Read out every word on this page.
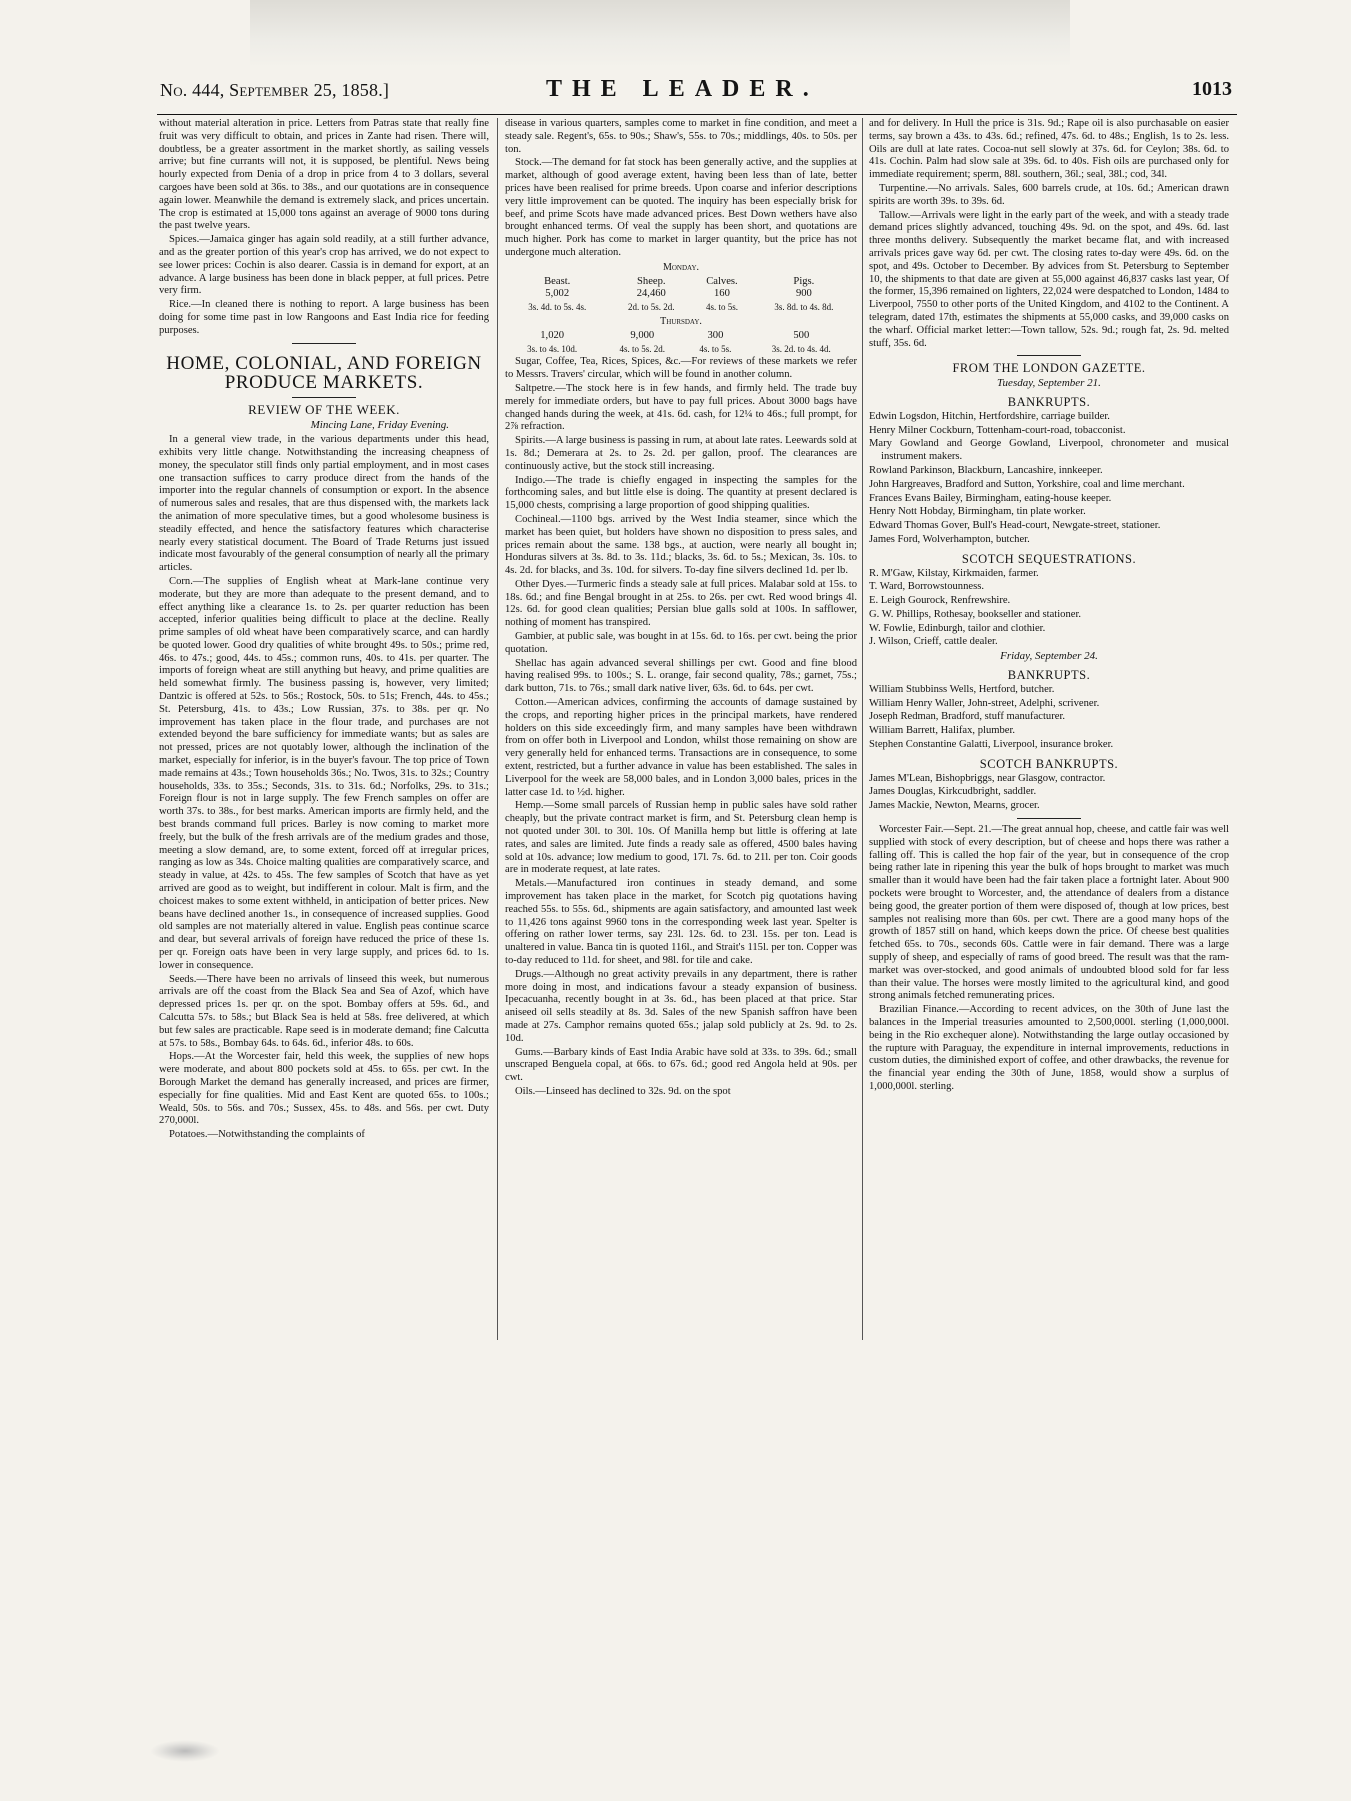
No. 444, September 25, 1858.]	THE LEADER.	1013

without material alteration in price. Letters from Patras state that really fine fruit was very difficult to obtain, and prices in Zante had risen. There will, doubtless, be a greater assortment in the market shortly, as sailing vessels arrive; but fine currants will not, it is supposed, be plentiful. News being hourly expected from Denia of a drop in price from 4 to 3 dollars, several cargoes have been sold at 36s. to 38s., and our quotations are in consequence again lower. Meanwhile the demand is extremely slack, and prices uncertain. The crop is estimated at 15,000 tons against an average of 9000 tons during the past twelve years.

Spices.—Jamaica ginger has again sold readily, at a still further advance, and as the greater portion of this year's crop has arrived, we do not expect to see lower prices: Cochin is also dearer. Cassia is in demand for export, at an advance. A large business has been done in black pepper, at full prices. Petre very firm.

Rice.—In cleaned there is nothing to report. A large business has been doing for some time past in low Rangoons and East India rice for feeding purposes.

HOME, COLONIAL, AND FOREIGN PRODUCE MARKETS.
REVIEW OF THE WEEK.
Mincing Lane, Friday Evening.

In a general view trade, in the various departments under this head, exhibits very little change. Notwithstanding the increasing cheapness of money, the speculator still finds only partial employment, and in most cases one transaction suffices to carry produce direct from the hands of the importer into the regular channels of consumption or export. In the absence of numerous sales and resales, that are thus dispensed with, the markets lack the animation of more speculative times, but a good wholesome business is steadily effected, and hence the satisfactory features which characterise nearly every statistical document. The Board of Trade Returns just issued indicate most favourably of the general consumption of nearly all the primary articles.

Corn.—The supplies of English wheat at Mark-lane continue very moderate, but they are more than adequate to the present demand, and to effect anything like a clearance 1s. to 2s. per quarter reduction has been accepted, inferior qualities being difficult to place at the decline. Really prime samples of old wheat have been comparatively scarce, and can hardly be quoted lower. Good dry qualities of white brought 49s. to 50s.; prime red, 46s. to 47s.; good, 44s. to 45s.; common runs, 40s. to 41s. per quarter. The imports of foreign wheat are still anything but heavy, and prime qualities are held somewhat firmly. The business passing is, however, very limited; Dantzic is offered at 52s. to 56s.; Rostock, 50s. to 51s; French, 44s. to 45s.; St. Petersburg, 41s. to 43s.; Low Russian, 37s. to 38s. per qr. No improvement has taken place in the flour trade, and purchases are not extended beyond the bare sufficiency for immediate wants; but as sales are not pressed, prices are not quotably lower, although the inclination of the market, especially for inferior, is in the buyer's favour. The top price of Town made remains at 43s.; Town households 36s.; No. Twos, 31s. to 32s.; Country households, 33s. to 35s.; Seconds, 31s. to 31s. 6d.; Norfolks, 29s. to 31s.; Foreign flour is not in large supply. The few French samples on offer are worth 37s. to 38s., for best marks. American imports are firmly held, and the best brands command full prices. Barley is now coming to market more freely, but the bulk of the fresh arrivals are of the medium grades and those, meeting a slow demand, are, to some extent, forced off at irregular prices, ranging as low as 34s. Choice malting qualities are comparatively scarce, and steady in value, at 42s. to 45s. The few samples of Scotch that have as yet arrived are good as to weight, but indifferent in colour. Malt is firm, and the choicest makes to some extent withheld, in anticipation of better prices. New beans have declined another 1s., in consequence of increased supplies. Good old samples are not materially altered in value. English peas continue scarce and dear, but several arrivals of foreign have reduced the price of these 1s. per qr. Foreign oats have been in very large supply, and prices 6d. to 1s. lower in consequence.

Seeds.—There have been no arrivals of linseed this week, but numerous arrivals are off the coast from the Black Sea and Sea of Azof, which have depressed prices 1s. per qr. on the spot. Bombay offers at 59s. 6d., and Calcutta 57s. to 58s.; but Black Sea is held at 58s. free delivered, at which but few sales are practicable. Rape seed is in moderate demand; fine Calcutta at 57s. to 58s., Bombay 64s. to 64s. 6d., inferior 48s. to 60s.

Hops.—At the Worcester fair, held this week, the supplies of new hops were moderate, and about 800 pockets sold at 45s. to 65s. per cwt. In the Borough Market the demand has generally increased, and prices are firmer, especially for fine qualities. Mid and East Kent are quoted 65s. to 100s.; Weald, 50s. to 56s. and 70s.; Sussex, 45s. to 48s. and 56s. per cwt. Duty 270,000l.

Potatoes.—Notwithstanding the complaints of

disease in various quarters, samples come to market in fine condition, and meet a steady sale. Regent's, 65s. to 90s.; Shaw's, 55s. to 70s.; middlings, 40s. to 50s. per ton.

Stock.—The demand for fat stock has been generally active, and the supplies at market, although of good average extent, having been less than of late, better prices have been realised for prime breeds. Upon coarse and inferior descriptions very little improvement can be quoted. The inquiry has been especially brisk for beef, and prime Scots have made advanced prices. Best Down wethers have also brought enhanced terms. Of veal the supply has been short, and quotations are much higher. Pork has come to market in larger quantity, but the price has not undergone much alteration.

Monday.
Beast.	Sheep.	Calves.	Pigs.
5,002	24,460	160	900
3s. 4d. to 5s. 4s.	2d. to 5s. 2d.	4s. to 5s.	3s. 8d. to 4s. 8d.
Thursday.
1,020	9,000	300	500
3s. to 4s. 10d.	4s. to 5s. 2d.	4s. to 5s.	3s. 2d. to 4s. 4d.

Sugar, Coffee, Tea, Rices, Spices, &c.—For reviews of these markets we refer to Messrs. Travers' circular, which will be found in another column.

Saltpetre.—The stock here is in few hands, and firmly held. The trade buy merely for immediate orders, but have to pay full prices. About 3000 bags have changed hands during the week, at 41s. 6d. cash, for 12¼ to 46s.; full prompt, for 2⅞ refraction.

Spirits.—A large business is passing in rum, at about late rates. Leewards sold at 1s. 8d.; Demerara at 2s. to 2s. 2d. per gallon, proof. The clearances are continuously active, but the stock still increasing.

Indigo.—The trade is chiefly engaged in inspecting the samples for the forthcoming sales, and but little else is doing. The quantity at present declared is 15,000 chests, comprising a large proportion of good shipping qualities.

Cochineal.—1100 bgs. arrived by the West India steamer, since which the market has been quiet, but holders have shown no disposition to press sales, and prices remain about the same. 138 bgs., at auction, were nearly all bought in; Honduras silvers at 3s. 8d. to 3s. 11d.; blacks, 3s. 6d. to 5s.; Mexican, 3s. 10s. to 4s. 2d. for blacks, and 3s. 10d. for silvers. To-day fine silvers declined 1d. per lb.

Other Dyes.—Turmeric finds a steady sale at full prices. Malabar sold at 15s. to 18s. 6d.; and fine Bengal brought in at 25s. to 26s. per cwt. Red wood brings 4l. 12s. 6d. for good clean qualities; Persian blue galls sold at 100s. In safflower, nothing of moment has transpired.

Gambier, at public sale, was bought in at 15s. 6d. to 16s. per cwt. being the prior quotation.

Shellac has again advanced several shillings per cwt. Good and fine blood having realised 99s. to 100s.; S. L. orange, fair second quality, 78s.; garnet, 75s.; dark button, 71s. to 76s.; small dark native liver, 63s. 6d. to 64s. per cwt.

Cotton.—American advices, confirming the accounts of damage sustained by the crops, and reporting higher prices in the principal markets, have rendered holders on this side exceedingly firm, and many samples have been withdrawn from on offer both in Liverpool and London, whilst those remaining on show are very generally held for enhanced terms. Transactions are in consequence, to some extent, restricted, but a further advance in value has been established. The sales in Liverpool for the week are 58,000 bales, and in London 3,000 bales, prices in the latter case 1d. to ½d. higher.

Hemp.—Some small parcels of Russian hemp in public sales have sold rather cheaply, but the private contract market is firm, and St. Petersburg clean hemp is not quoted under 30l. to 30l. 10s. Of Manilla hemp but little is offering at late rates, and sales are limited. Jute finds a ready sale as offered, 4500 bales having sold at 10s. advance; low medium to good, 17l. 7s. 6d. to 21l. per ton. Coir goods are in moderate request, at late rates.

Metals.—Manufactured iron continues in steady demand, and some improvement has taken place in the market, for Scotch pig quotations having reached 55s. to 55s. 6d., shipments are again satisfactory, and amounted last week to 11,426 tons against 9960 tons in the corresponding week last year. Spelter is offering on rather lower terms, say 23l. 12s. 6d. to 23l. 15s. per ton. Lead is unaltered in value. Banca tin is quoted 116l., and Strait's 115l. per ton. Copper was to-day reduced to 11d. for sheet, and 98l. for tile and cake.

Drugs.—Although no great activity prevails in any department, there is rather more doing in most, and indications favour a steady expansion of business. Ipecacuanha, recently bought in at 3s. 6d., has been placed at that price. Star aniseed oil sells steadily at 8s. 3d. Sales of the new Spanish saffron have been made at 27s. Camphor remains quoted 65s.; jalap sold publicly at 2s. 9d. to 2s. 10d.

Gums.—Barbary kinds of East India Arabic have sold at 33s. to 39s. 6d.; small unscraped Benguela copal, at 66s. to 67s. 6d.; good red Angola held at 90s. per cwt.

Oils.—Linseed has declined to 32s. 9d. on the spot

and for delivery. In Hull the price is 31s. 9d.; Rape oil is also purchasable on easier terms, say brown a 43s. to 43s. 6d.; refined, 47s. 6d. to 48s.; English, 1s to 2s. less. Oils are dull at late rates. Cocoa-nut sell slowly at 37s. 6d. for Ceylon; 38s. 6d. to 41s. Cochin. Palm had slow sale at 39s. 6d. to 40s. Fish oils are purchased only for immediate requirement; sperm, 88l. southern, 36l.; seal, 38l.; cod, 34l.

Turpentine.—No arrivals. Sales, 600 barrels crude, at 10s. 6d.; American drawn spirits are worth 39s. to 39s. 6d.

Tallow.—Arrivals were light in the early part of the week, and with a steady trade demand prices slightly advanced, touching 49s. 9d. on the spot, and 49s. 6d. last three months delivery. Subsequently the market became flat, and with increased arrivals prices gave way 6d. per cwt. The closing rates to-day were 49s. 6d. on the spot, and 49s. October to December. By advices from St. Petersburg to September 10, the shipments to that date are given at 55,000 against 46,837 casks last year, Of the former, 15,396 remained on lighters, 22,024 were despatched to London, 1484 to Liverpool, 7550 to other ports of the United Kingdom, and 4102 to the Continent. A telegram, dated 17th, estimates the shipments at 55,000 casks, and 39,000 casks on the wharf. Official market letter:—Town tallow, 52s. 9d.; rough fat, 2s. 9d. melted stuff, 35s. 6d.

FROM THE LONDON GAZETTE.
Tuesday, September 21.
BANKRUPTS.

Edwin Logsdon, Hitchin, Hertfordshire, carriage builder.

Henry Milner Cockburn, Tottenham-court-road, tobacconist.

Mary Gowland and George Gowland, Liverpool, chronometer and musical instrument makers.

Rowland Parkinson, Blackburn, Lancashire, innkeeper.

John Hargreaves, Bradford and Sutton, Yorkshire, coal and lime merchant.

Frances Evans Bailey, Birmingham, eating-house keeper.

Henry Nott Hobday, Birmingham, tin plate worker.

Edward Thomas Gover, Bull's Head-court, Newgate-street, stationer.

James Ford, Wolverhampton, butcher.

SCOTCH SEQUESTRATIONS.

R. M'Gaw, Kilstay, Kirkmaiden, farmer.

T. Ward, Borrowstounness.

E. Leigh Gourock, Renfrewshire.

G. W. Phillips, Rothesay, bookseller and stationer.

W. Fowlie, Edinburgh, tailor and clothier.

J. Wilson, Crieff, cattle dealer.

Friday, September 24.
BANKRUPTS.

William Stubbinss Wells, Hertford, butcher.

William Henry Waller, John-street, Adelphi, scrivener.

Joseph Redman, Bradford, stuff manufacturer.

William Barrett, Halifax, plumber.

Stephen Constantine Galatti, Liverpool, insurance broker.

SCOTCH BANKRUPTS.

James M'Lean, Bishopbriggs, near Glasgow, contractor.

James Douglas, Kirkcudbright, saddler.

James Mackie, Newton, Mearns, grocer.

Worcester Fair.—Sept. 21.—The great annual hop, cheese, and cattle fair was well supplied with stock of every description, but of cheese and hops there was rather a falling off. This is called the hop fair of the year, but in consequence of the crop being rather late in ripening this year the bulk of hops brought to market was much smaller than it would have been had the fair taken place a fortnight later. About 900 pockets were brought to Worcester, and, the attendance of dealers from a distance being good, the greater portion of them were disposed of, though at low prices, best samples not realising more than 60s. per cwt. There are a good many hops of the growth of 1857 still on hand, which keeps down the price. Of cheese best qualities fetched 65s. to 70s., seconds 60s. Cattle were in fair demand. There was a large supply of sheep, and especially of rams of good breed. The result was that the ram-market was over-stocked, and good animals of undoubted blood sold for far less than their value. The horses were mostly limited to the agricultural kind, and good strong animals fetched remunerating prices.

Brazilian Finance.—According to recent advices, on the 30th of June last the balances in the Imperial treasuries amounted to 2,500,000l. sterling (1,000,000l. being in the Rio exchequer alone). Notwithstanding the large outlay occasioned by the rupture with Paraguay, the expenditure in internal improvements, reductions in custom duties, the diminished export of coffee, and other drawbacks, the revenue for the financial year ending the 30th of June, 1858, would show a surplus of 1,000,000l. sterling.
